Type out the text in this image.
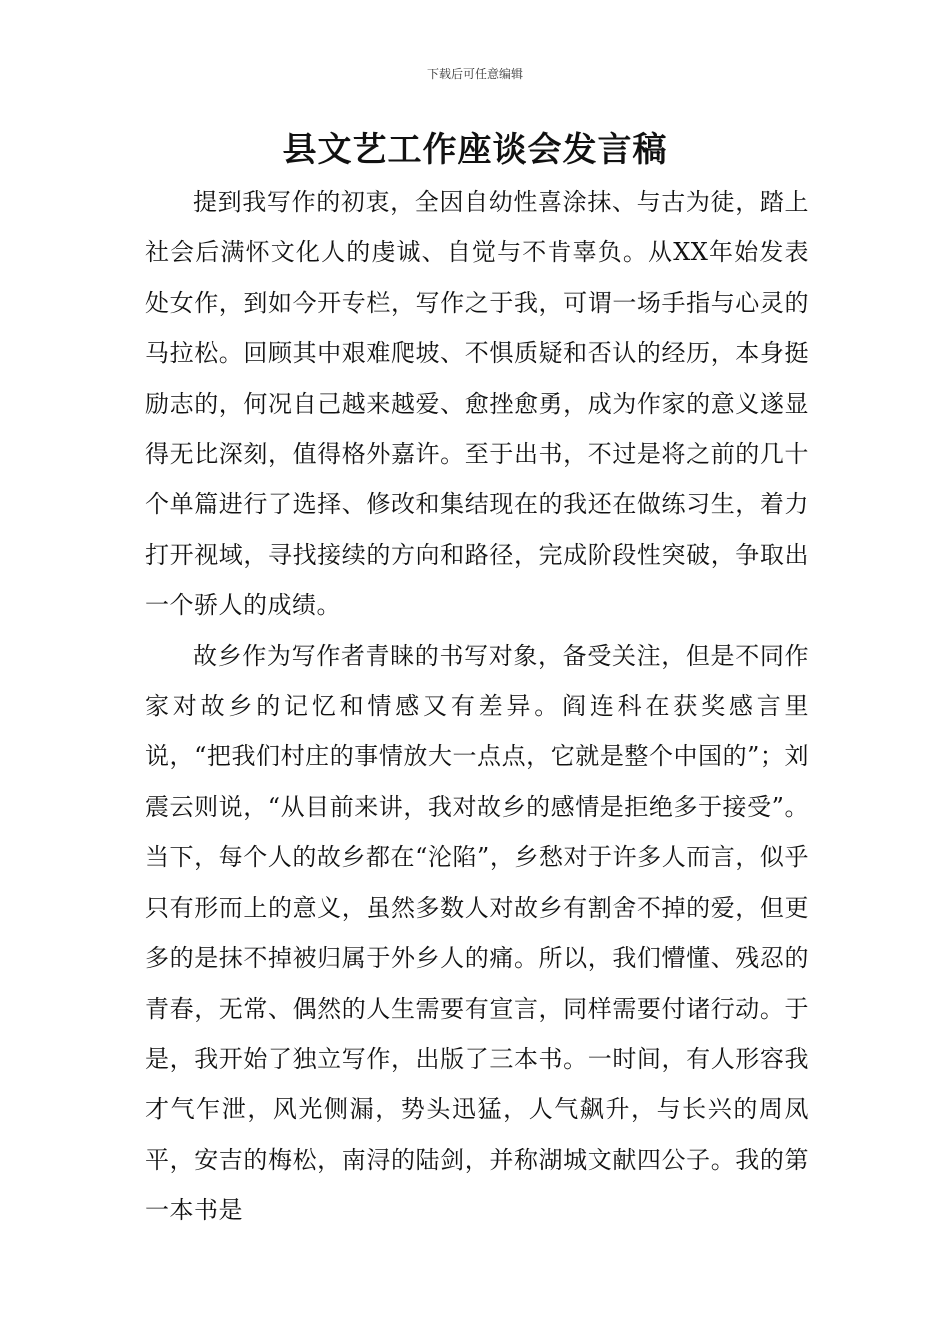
下载后可任意编辑
县文艺工作座谈会发言稿

提到我写作的初衷，全因自幼性喜涂抹、与古为徒，踏上社会后满怀文化人的虔诚、自觉与不肯辜负。从XX年始发表处女作，到如今开专栏，写作之于我，可谓一场手指与心灵的马拉松。回顾其中艰难爬坡、不惧质疑和否认的经历，本身挺励志的，何况自己越来越爱、愈挫愈勇，成为作家的意义遂显得无比深刻，值得格外嘉许。至于出书，不过是将之前的几十个单篇进行了选择、修改和集结现在的我还在做练习生，着力打开视域，寻找接续的方向和路径，完成阶段性突破，争取出一个骄人的成绩。

故乡作为写作者青睐的书写对象，备受关注，但是不同作家对故乡的记忆和情感又有差异。阎连科在获奖感言里说，“把我们村庄的事情放大一点点，它就是整个中国的”；刘震云则说，“从目前来讲，我对故乡的感情是拒绝多于接受”。当下，每个人的故乡都在“沦陷”，乡愁对于许多人而言，似乎只有形而上的意义，虽然多数人对故乡有割舍不掉的爱，但更多的是抹不掉被归属于外乡人的痛。所以，我们懵懂、残忍的青春，无常、偶然的人生需要有宣言，同样需要付诸行动。于是，我开始了独立写作，出版了三本书。一时间，有人形容我才气乍泄，风光侧漏，势头迅猛，人气飙升，与长兴的周凤平，安吉的梅松，南浔的陆剑，并称湖城文献四公子。我的第一本书是
